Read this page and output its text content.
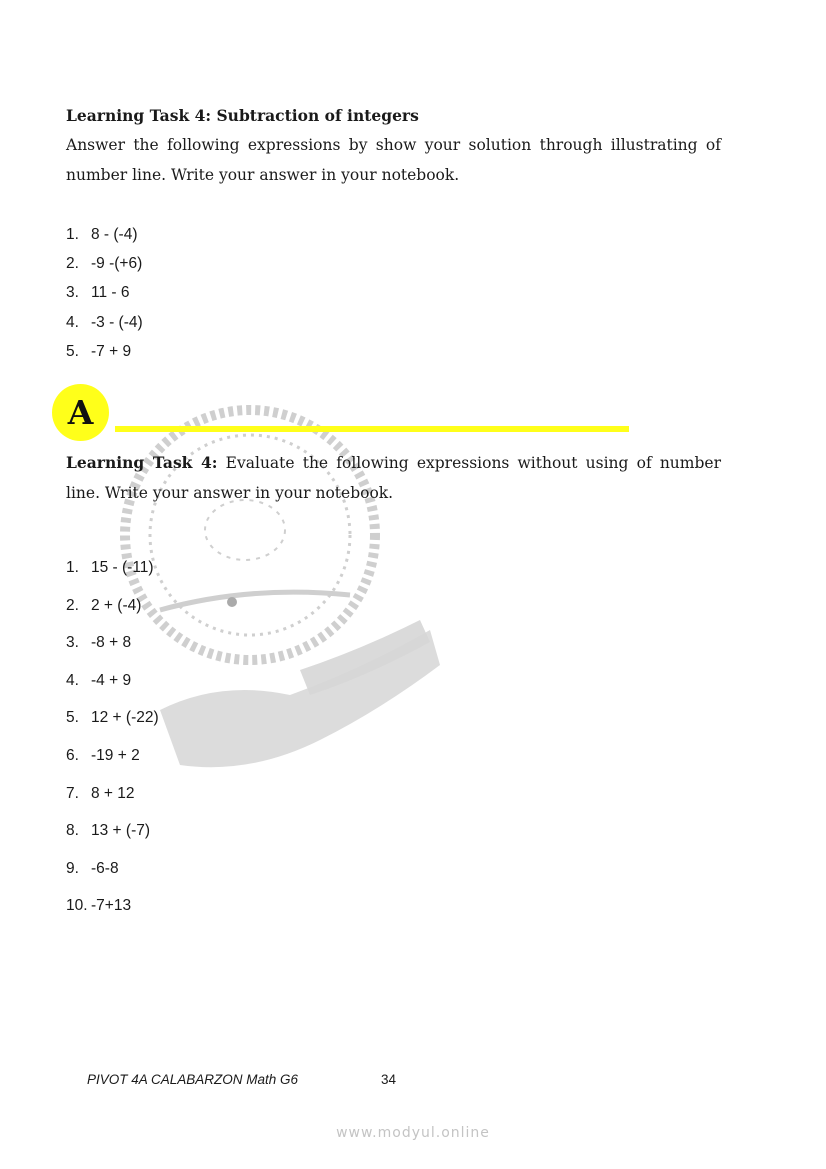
Learning Task 4: Subtraction of integers
Answer the following expressions by show your solution through illustrating of number line. Write your answer in your notebook.
1. 8 - (-4)
2. -9 -(+6)
3. 11 - 6
4. -3 - (-4)
5. -7 + 9
A
Learning Task 4: Evaluate the following expressions without using of number line. Write your answer in your notebook.
1. 15 - (-11)
2. 2 + (-4)
3. -8 + 8
4. -4 + 9
5. 12 + (-22)
6. -19 + 2
7. 8 + 12
8. 13 + (-7)
9. -6-8
10. -7+13
PIVOT 4A CALABARZON Math G6	34
www.modyul.online
